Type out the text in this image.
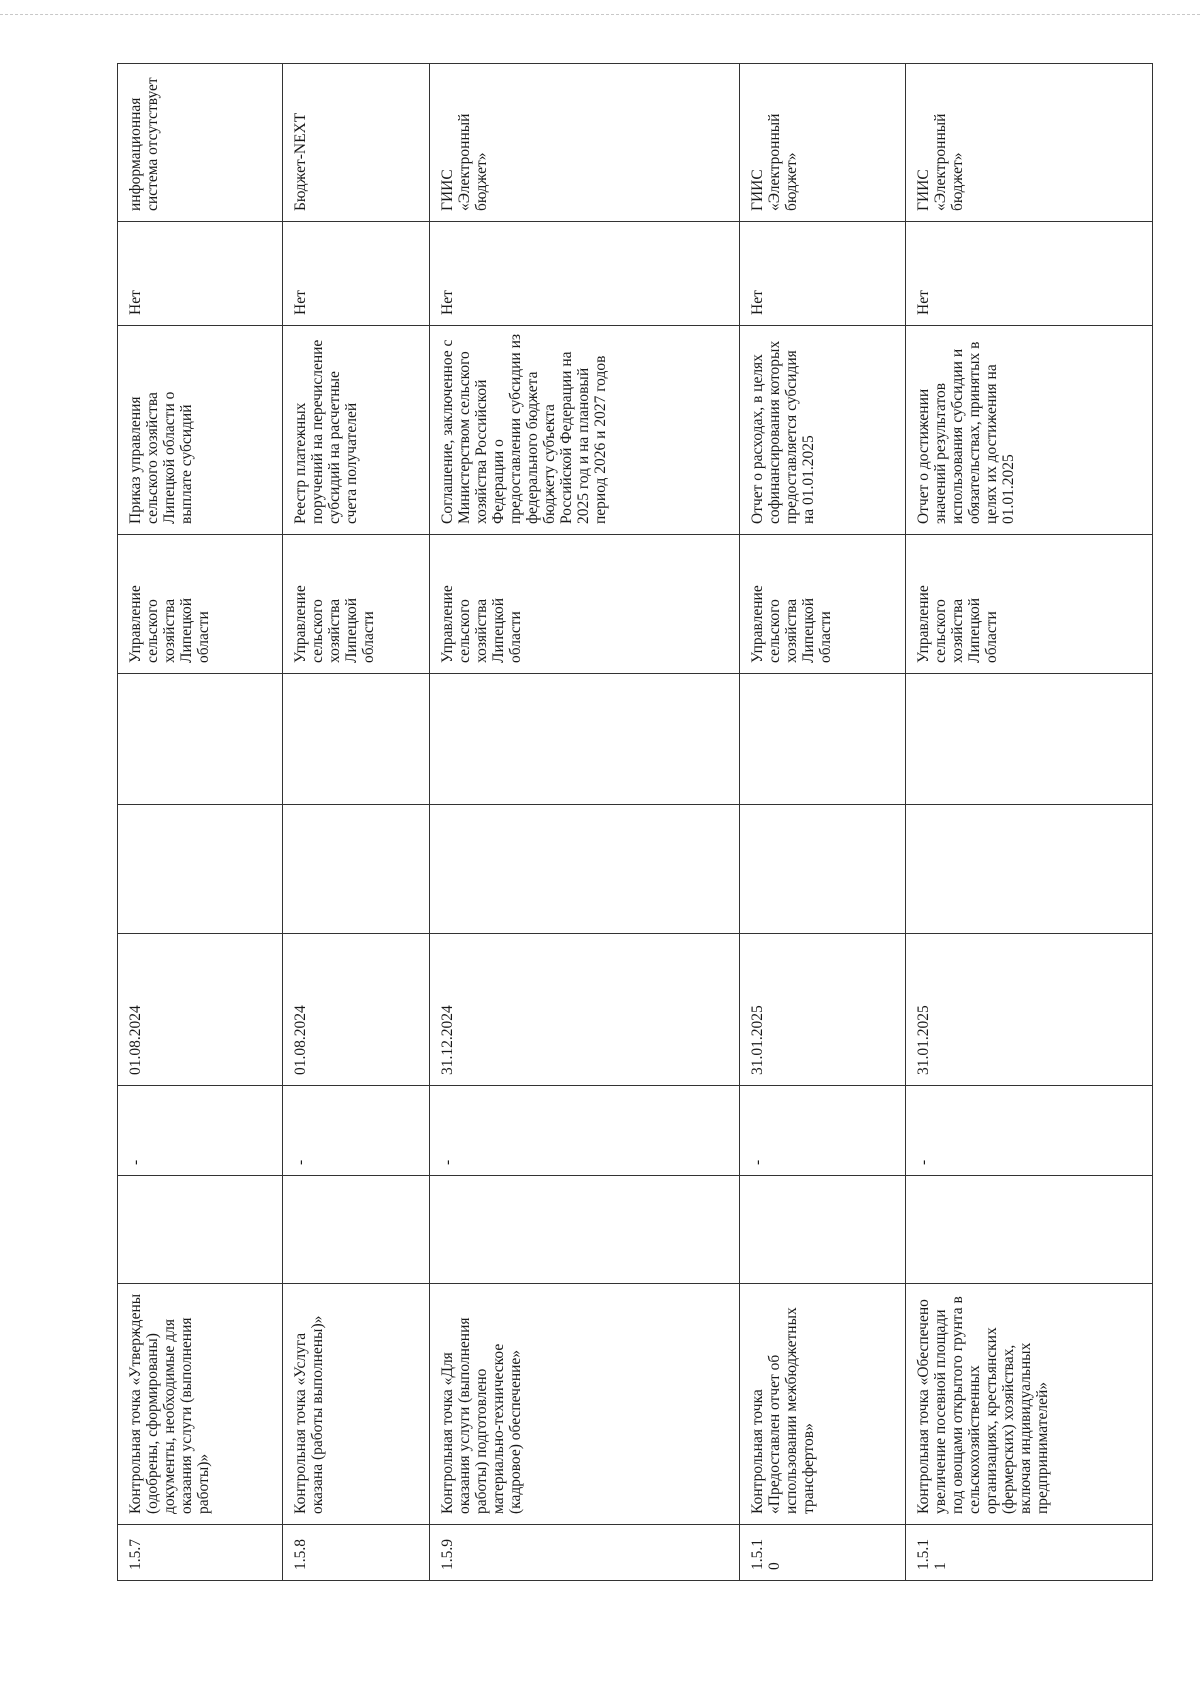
1.5.7	Контрольная точка «Утверждены (одобрены, сформированы) документы, необходимые для оказания услуги (выполнения работы)»		-	01.08.2024			Управление сельского хозяйства Липецкой области	Приказ управления сельского хозяйства Липецкой области о выплате субсидий	Нет	информационная система отсутствует
1.5.8	Контрольная точка «Услуга оказана (работы выполнены)»		-	01.08.2024			Управление сельского хозяйства Липецкой области	Реестр платежных поручений на перечисление субсидий на расчетные счета получателей	Нет	Бюджет-NEXT
1.5.9	Контрольная точка «Для оказания услуги (выполнения работы) подготовлено материально-техническое (кадровое) обеспечение»		-	31.12.2024			Управление сельского хозяйства Липецкой области	Соглашение, заключенное с Министерством сельского хозяйства Российской Федерации о предоставлении субсидии из федерального бюджета бюджету субъекта Российской Федерации на 2025 год и на плановый период 2026 и 2027 годов	Нет	ГИИС «Электронный бюджет»
1.5.10	Контрольная точка «Предоставлен отчет об использовании межбюджетных трансфертов»		-	31.01.2025			Управление сельского хозяйства Липецкой области	Отчет о расходах, в целях софинансирования которых предоставляется субсидия на 01.01.2025	Нет	ГИИС «Электронный бюджет»
1.5.11	Контрольная точка «Обеспечено увеличение посевной площади под овощами открытого грунта в сельскохозяйственных организациях, крестьянских (фермерских) хозяйствах, включая индивидуальных предпринимателей»		-	31.01.2025			Управление сельского хозяйства Липецкой области	Отчет о достижении значений результатов использования субсидии и обязательствах, принятых в целях их достижения на 01.01.2025	Нет	ГИИС «Электронный бюджет»
